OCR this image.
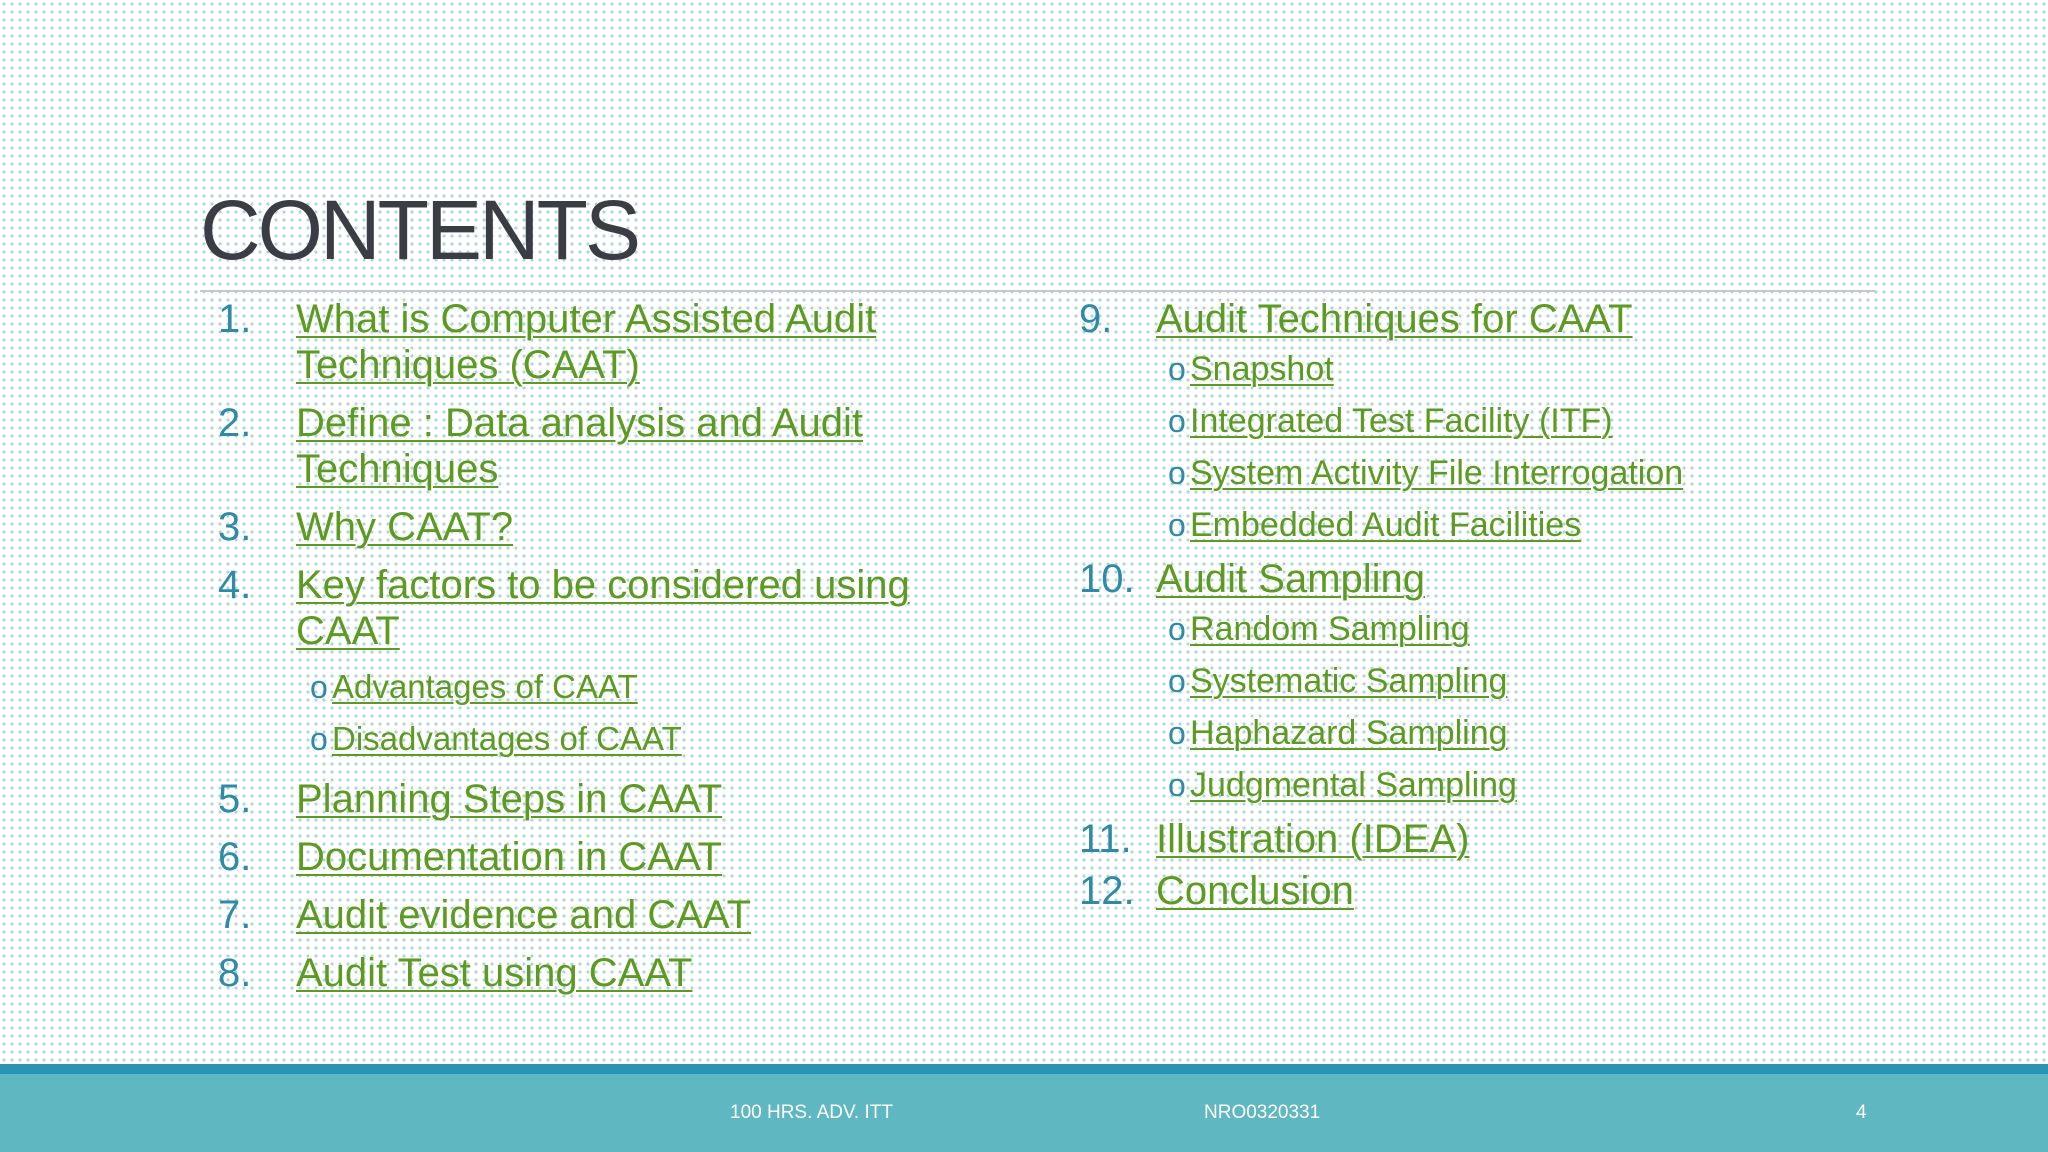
CONTENTS
1.	What is Computer Assisted Audit Techniques (CAAT)
2.	Define : Data analysis and Audit Techniques
3.	Why CAAT?
4.	Key factors to be considered using CAAT
o Advantages of CAAT
o Disadvantages of CAAT
5.	Planning Steps in CAAT
6.	Documentation in CAAT
7.	Audit evidence and CAAT
8.	Audit Test using CAAT
9.	Audit Techniques for CAAT
o Snapshot
o Integrated Test Facility (ITF)
o System Activity File Interrogation
o Embedded Audit Facilities
10. Audit Sampling
o Random Sampling
o Systematic Sampling
o Haphazard Sampling
o Judgmental Sampling
11. Illustration (IDEA)
12. Conclusion
100 HRS. ADV. ITT	NRO0320331	4
